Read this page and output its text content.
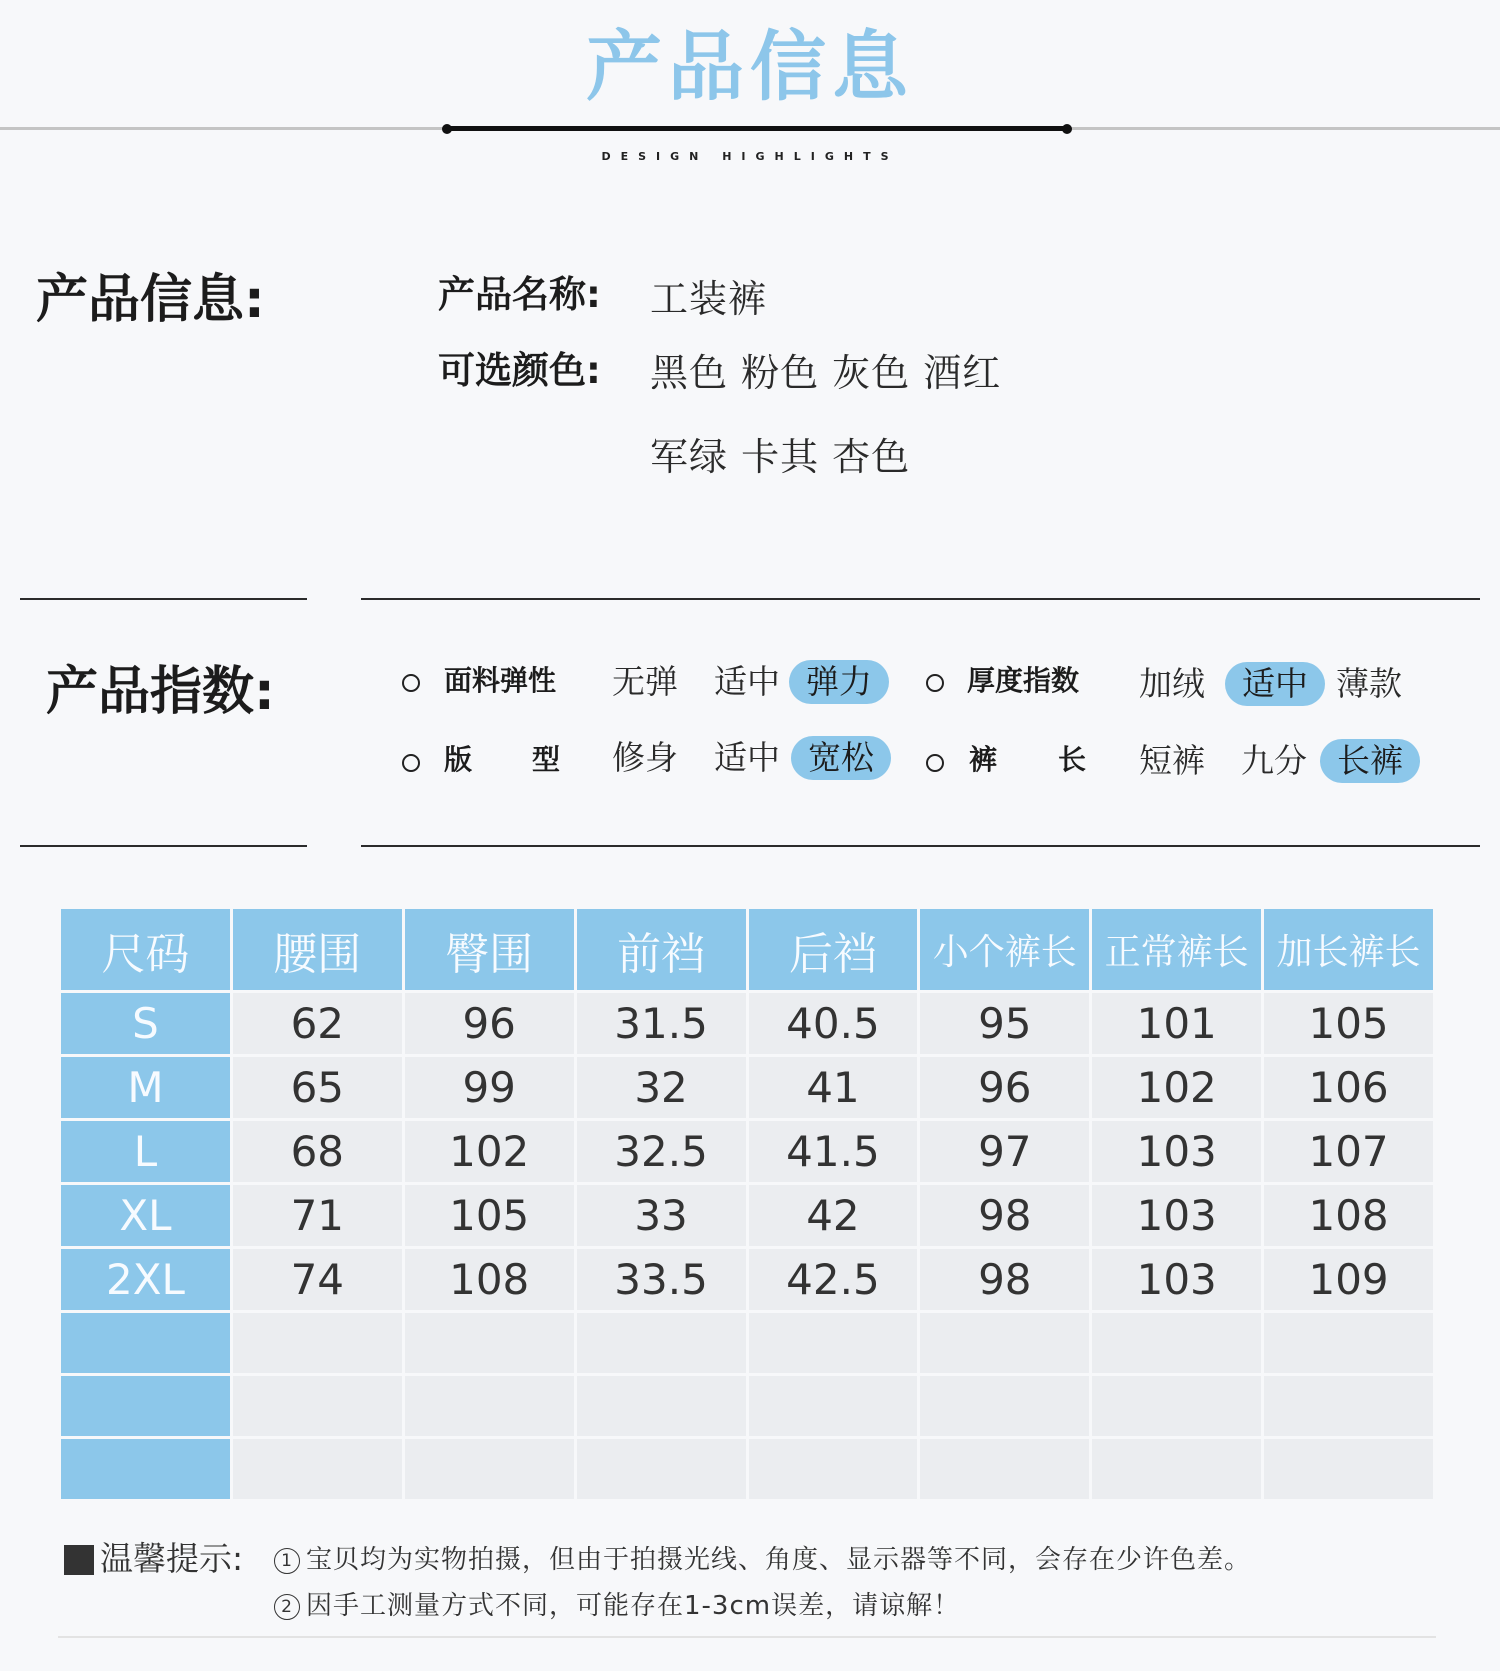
产品信息
DESIGN HIGHLIGHTS
产品信息:	产品名称: 工装裤
可选颜色: 黑色 粉色 灰色 酒红
军绿 卡其 杏色
产品指数:	面料弹性 无弹 适中 弹力	厚度指数 加绒	适中 薄款
版 型 修身 适中 宽松	裤 长 短裤 九分 长裤
尺码	腰围	臀围	前裆	后裆	小个裤长	正常裤长	加长裤长
S	62	96	31.5	40.5	95	101	105
M	65	99	32	41	96	102	106
L	68	102	32.5	41.5	97	103	107
XL	71	105	33	42	98	103	108
2XL	74	108	33.5	42.5	98	103	109

温馨提示:	1 宝贝均为实物拍摄，但由于拍摄光线、角度、显示器等不同，会存在少许色差。
2 因手工测量方式不同，可能存在1-3cm误差，请谅解！
